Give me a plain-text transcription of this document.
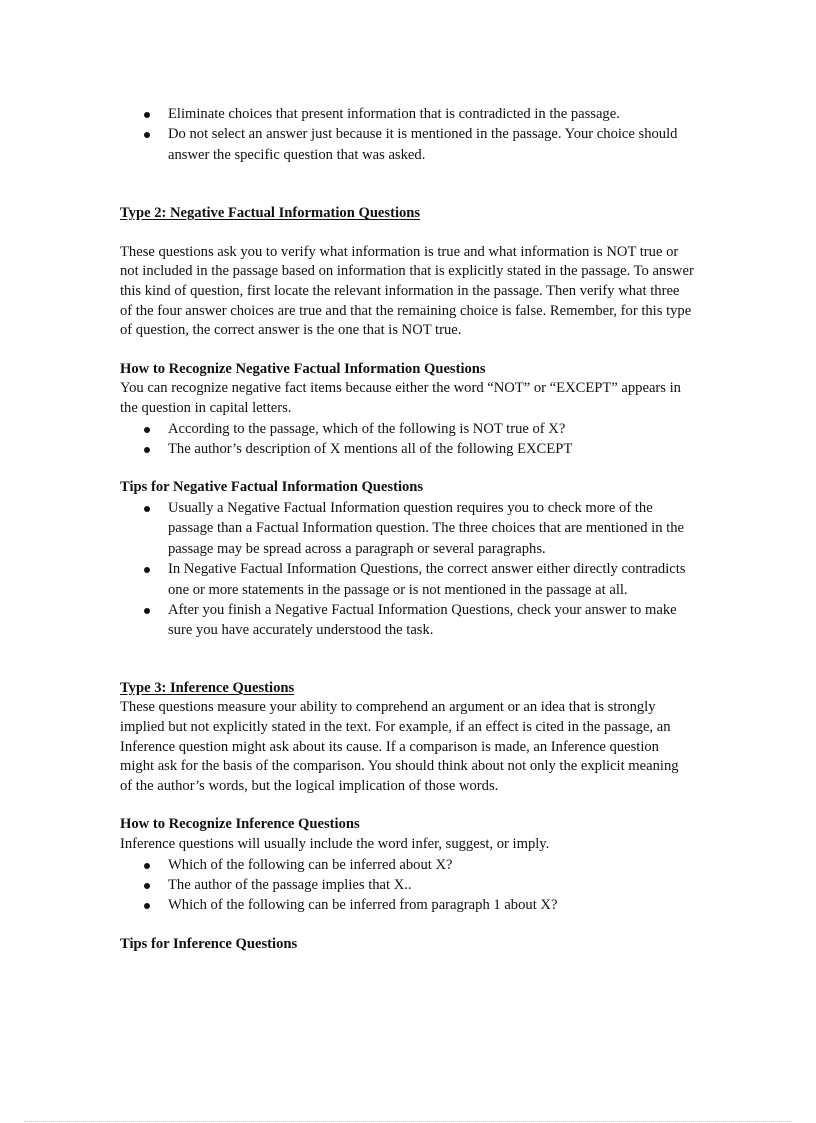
Eliminate choices that present information that is contradicted in the passage.
Do not select an answer just because it is mentioned in the passage. Your choice should answer the specific question that was asked.

Type 2: Negative Factual Information Questions

These questions ask you to verify what information is true and what information is NOT true or not included in the passage based on information that is explicitly stated in the passage. To answer this kind of question, first locate the relevant information in the passage. Then verify what three of the four answer choices are true and that the remaining choice is false. Remember, for this type of question, the correct answer is the one that is NOT true.

How to Recognize Negative Factual Information Questions

You can recognize negative fact items because either the word “NOT” or “EXCEPT” appears in the question in capital letters.

According to the passage, which of the following is NOT true of X?
The author’s description of X mentions all of the following EXCEPT

Tips for Negative Factual Information Questions

Usually a Negative Factual Information question requires you to check more of the passage than a Factual Information question. The three choices that are mentioned in the passage may be spread across a paragraph or several paragraphs.
In Negative Factual Information Questions, the correct answer either directly contradicts one or more statements in the passage or is not mentioned in the passage at all.
After you finish a Negative Factual Information Questions, check your answer to make sure you have accurately understood the task.

Type 3: Inference Questions

These questions measure your ability to comprehend an argument or an idea that is strongly implied but not explicitly stated in the text. For example, if an effect is cited in the passage, an Inference question might ask about its cause. If a comparison is made, an Inference question might ask for the basis of the comparison. You should think about not only the explicit meaning of the author’s words, but the logical implication of those words.

How to Recognize Inference Questions

Inference questions will usually include the word infer, suggest, or imply.

Which of the following can be inferred about X?
The author of the passage implies that X..
Which of the following can be inferred from paragraph 1 about X?

Tips for Inference Questions
